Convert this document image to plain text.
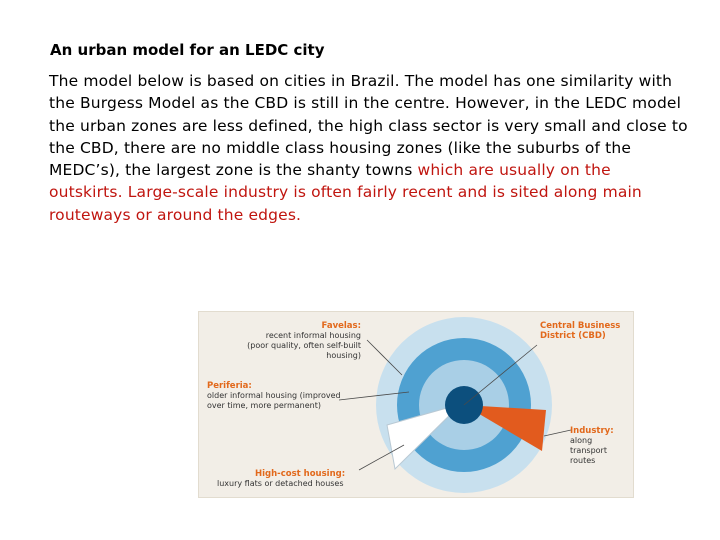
An urban model for an LEDC city

The model below is based on cities in Brazil. The model has one similarity with the Burgess Model as the CBD is still in the centre. However, in the LEDC model the urban zones are less defined, the high class sector is very small and close to the CBD, there are no middle class housing zones (like the suburbs of the MEDC’s), the largest zone is the shanty towns which are usually on the outskirts. Large-scale industry is often fairly recent and is sited along main routeways or around the edges.

Favelas:
recent informal housing
(poor quality, often self-built
housing)
Periferia:
older informal housing (improved
over time, more permanent)
High-cost housing:
luxury flats or detached houses
Central Business
District (CBD)
Industry:
along
transport
routes
